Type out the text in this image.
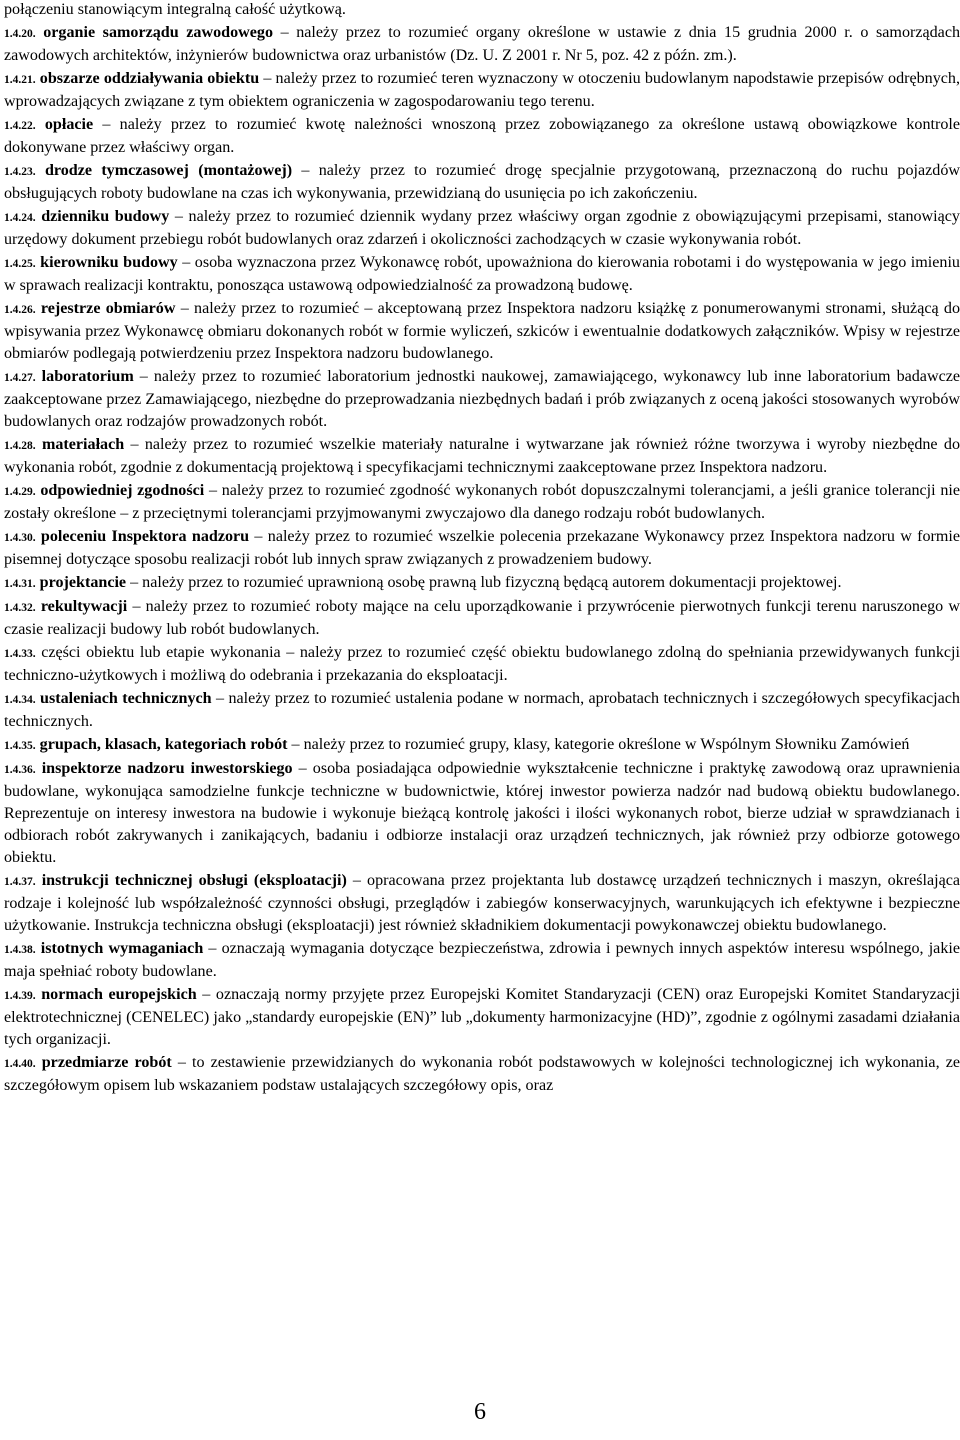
połączeniu stanowiącym integralną całość użytkową.

1.4.20. organie samorządu zawodowego – należy przez to rozumieć organy określone w ustawie z dnia 15 grudnia 2000 r. o samorządach zawodowych architektów, inżynierów budownictwa oraz urbanistów (Dz. U. Z 2001 r. Nr 5, poz. 42 z późn. zm.).

1.4.21. obszarze oddziaływania obiektu – należy przez to rozumieć teren wyznaczony w otoczeniu budowlanym napodstawie przepisów odrębnych, wprowadzających związane z tym obiektem ograniczenia w zagospodarowaniu tego terenu.

1.4.22. opłacie – należy przez to rozumieć kwotę należności wnoszoną przez zobowiązanego za określone ustawą obowiązkowe kontrole dokonywane przez właściwy organ.

1.4.23. drodze tymczasowej (montażowej) – należy przez to rozumieć drogę specjalnie przygotowaną, przeznaczoną do ruchu pojazdów obsługujących roboty budowlane na czas ich wykonywania, przewidzianą do usunięcia po ich zakończeniu.

1.4.24. dzienniku budowy – należy przez to rozumieć dziennik wydany przez właściwy organ zgodnie z obowiązującymi przepisami, stanowiący urzędowy dokument przebiegu robót budowlanych oraz zdarzeń i okoliczności zachodzących w czasie wykonywania robót.

1.4.25. kierowniku budowy – osoba wyznaczona przez Wykonawcę robót, upoważniona do kierowania robotami i do występowania w jego imieniu w sprawach realizacji kontraktu, ponosząca ustawową odpowiedzialność za prowadzoną budowę.

1.4.26. rejestrze obmiarów – należy przez to rozumieć – akceptowaną przez Inspektora nadzoru książkę z ponumerowanymi stronami, służącą do wpisywania przez Wykonawcę obmiaru dokonanych robót w formie wyliczeń, szkiców i ewentualnie dodatkowych załączników. Wpisy w rejestrze obmiarów podlegają potwierdzeniu przez Inspektora nadzoru budowlanego.

1.4.27. laboratorium – należy przez to rozumieć laboratorium jednostki naukowej, zamawiającego, wykonawcy lub inne laboratorium badawcze zaakceptowane przez Zamawiającego, niezbędne do przeprowadzania niezbędnych badań i prób związanych z oceną jakości stosowanych wyrobów budowlanych oraz rodzajów prowadzonych robót.

1.4.28. materiałach – należy przez to rozumieć wszelkie materiały naturalne i wytwarzane jak również różne tworzywa i wyroby niezbędne do wykonania robót, zgodnie z dokumentacją projektową i specyfikacjami technicznymi zaakceptowane przez Inspektora nadzoru.

1.4.29. odpowiedniej zgodności – należy przez to rozumieć zgodność wykonanych robót dopuszczalnymi tolerancjami, a jeśli granice tolerancji nie zostały określone – z przeciętnymi tolerancjami przyjmowanymi zwyczajowo dla danego rodzaju robót budowlanych.

1.4.30. poleceniu Inspektora nadzoru – należy przez to rozumieć wszelkie polecenia przekazane Wykonawcy przez Inspektora nadzoru w formie pisemnej dotyczące sposobu realizacji robót lub innych spraw związanych z prowadzeniem budowy.

1.4.31. projektancie – należy przez to rozumieć uprawnioną osobę prawną lub fizyczną będącą autorem dokumentacji projektowej.

1.4.32. rekultywacji – należy przez to rozumieć roboty mające na celu uporządkowanie i przywrócenie pierwotnych funkcji terenu naruszonego w czasie realizacji budowy lub robót budowlanych.

1.4.33. części obiektu lub etapie wykonania – należy przez to rozumieć część obiektu budowlanego zdolną do spełniania przewidywanych funkcji techniczno-użytkowych i możliwą do odebrania i przekazania do eksploatacji.

1.4.34. ustaleniach technicznych – należy przez to rozumieć ustalenia podane w normach, aprobatach technicznych i szczegółowych specyfikacjach technicznych.

1.4.35. grupach, klasach, kategoriach robót – należy przez to rozumieć grupy, klasy, kategorie określone w Wspólnym Słowniku Zamówień

1.4.36. inspektorze nadzoru inwestorskiego – osoba posiadająca odpowiednie wykształcenie techniczne i praktykę zawodową oraz uprawnienia budowlane, wykonująca samodzielne funkcje techniczne w budownictwie, której inwestor powierza nadzór nad budową obiektu budowlanego. Reprezentuje on interesy inwestora na budowie i wykonuje bieżącą kontrolę jakości i ilości wykonanych robot, bierze udział w sprawdzianach i odbiorach robót zakrywanych i zanikających, badaniu i odbiorze instalacji oraz urządzeń technicznych, jak również przy odbiorze gotowego obiektu.

1.4.37. instrukcji technicznej obsługi (eksploatacji) – opracowana przez projektanta lub dostawcę urządzeń technicznych i maszyn, określająca rodzaje i kolejność lub współzależność czynności obsługi, przeglądów i zabiegów konserwacyjnych, warunkujących ich efektywne i bezpieczne użytkowanie. Instrukcja techniczna obsługi (eksploatacji) jest również składnikiem dokumentacji powykonawczej obiektu budowlanego.

1.4.38. istotnych wymaganiach – oznaczają wymagania dotyczące bezpieczeństwa, zdrowia i pewnych innych aspektów interesu wspólnego, jakie maja spełniać roboty budowlane.

1.4.39. normach europejskich – oznaczają normy przyjęte przez Europejski Komitet Standaryzacji (CEN) oraz Europejski Komitet Standaryzacji elektrotechnicznej (CENELEC) jako „standardy europejskie (EN)” lub „dokumenty harmonizacyjne (HD)”, zgodnie z ogólnymi zasadami działania tych organizacji.

1.4.40. przedmiarze robót – to zestawienie przewidzianych do wykonania robót podstawowych w kolejności technologicznej ich wykonania, ze szczegółowym opisem lub wskazaniem podstaw ustalających szczegółowy opis, oraz

6
